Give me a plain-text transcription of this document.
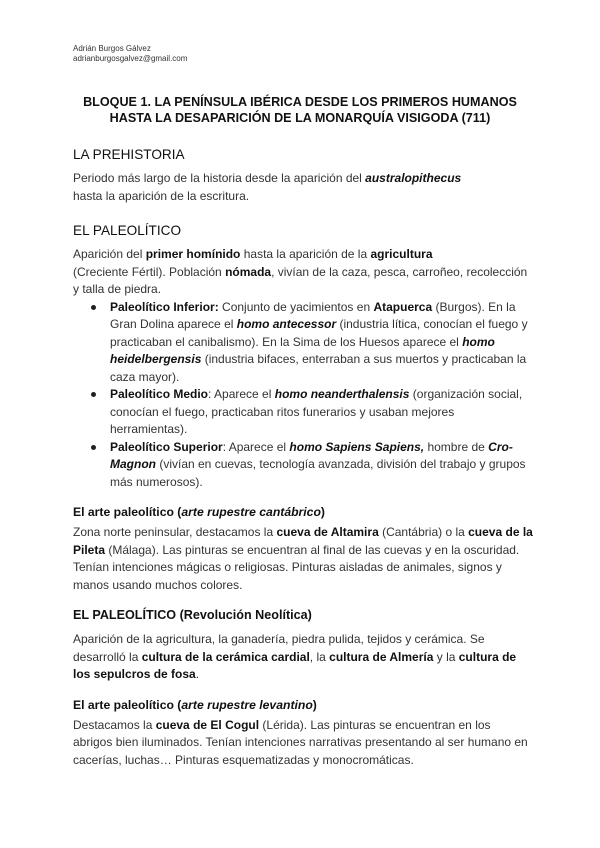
Adrián Burgos Gálvez
adrianburgosgalvez@gmail.com
BLOQUE 1. LA PENÍNSULA IBÉRICA DESDE LOS PRIMEROS HUMANOS
HASTA LA DESAPARICIÓN DE LA MONARQUÍA VISIGODA (711)
LA PREHISTORIA

Periodo más largo de la historia desde la aparición del australopithecus
hasta la aparición de la escritura.

EL PALEOLÍTICO

Aparición del primer homínido hasta la aparición de la agricultura
(Creciente Fértil). Población nómada, vivían de la caza, pesca, carroñeo, recolección y talla de piedra.

Paleolítico Inferior: Conjunto de yacimientos en Atapuerca (Burgos). En la Gran Dolina aparece el homo antecessor (industria lítica, conocían el fuego y practicaban el canibalismo). En la Sima de los Huesos aparece el homo heidelbergensis (industria bifaces, enterraban a sus muertos y practicaban la caza mayor).
Paleolítico Medio: Aparece el homo neanderthalensis (organización social, conocían el fuego, practicaban ritos funerarios y usaban mejores herramientas).
Paleolítico Superior: Aparece el homo Sapiens Sapiens, hombre de Cro-Magnon (vivían en cuevas, tecnología avanzada, división del trabajo y grupos más numerosos).
El arte paleolítico (arte rupestre cantábrico)

Zona norte peninsular, destacamos la cueva de Altamira (Cantábria) o la cueva de la Pileta (Málaga). Las pinturas se encuentran al final de las cuevas y en la oscuridad. Tenían intenciones mágicas o religiosas. Pinturas aisladas de animales, signos y manos usando muchos colores.

EL PALEOLÍTICO (Revolución Neolítica)

Aparición de la agricultura, la ganadería, piedra pulida, tejidos y cerámica. Se desarrolló la cultura de la cerámica cardial, la cultura de Almería y la cultura de los sepulcros de fosa.

El arte paleolítico (arte rupestre levantino)

Destacamos la cueva de El Cogul (Lérida). Las pinturas se encuentran en los abrigos bien iluminados. Tenían intenciones narrativas presentando al ser humano en cacerías, luchas… Pinturas esquematizadas y monocromáticas.
